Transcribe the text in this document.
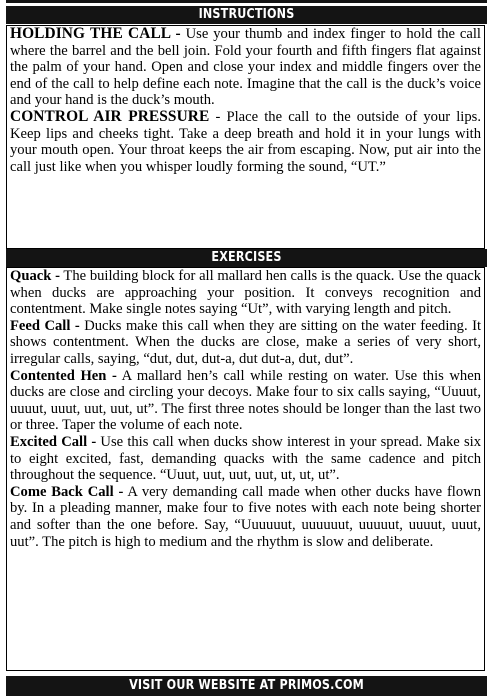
INSTRUCTIONS

HOLDING THE CALL - Use your thumb and index finger to hold the call where the barrel and the bell join. Fold your fourth and fifth fingers flat against the palm of your hand. Open and close your index and middle fingers over the end of the call to help define each note. Imagine that the call is the duck’s voice and your hand is the duck’s mouth.

CONTROL AIR PRESSURE - Place the call to the outside of your lips. Keep lips and cheeks tight. Take a deep breath and hold it in your lungs with your mouth open. Your throat keeps the air from escaping. Now, put air into the call just like when you whisper loudly forming the sound, “UT.”

EXERCISES

Quack - The building block for all mallard hen calls is the quack. Use the quack when ducks are approaching your position. It conveys recognition and contentment. Make single notes saying “Ut”, with varying length and pitch.

Feed Call - Ducks make this call when they are sitting on the water feeding. It shows contentment. When the ducks are close, make a series of very short, irregular calls, saying, “dut, dut, dut-a, dut dut-a, dut, dut”.

Contented Hen - A mallard hen’s call while resting on water. Use this when ducks are close and circling your decoys. Make four to six calls saying, “Uuuut, uuuut, uuut, uut, uut, ut”. The first three notes should be longer than the last two or three. Taper the volume of each note.

Excited Call - Use this call when ducks show interest in your spread. Make six to eight excited, fast, demanding quacks with the same cadence and pitch throughout the sequence. “Uuut, uut, uut, uut, ut, ut, ut”.

Come Back Call - A very demanding call made when other ducks have flown by. In a pleading manner, make four to five notes with each note being shorter and softer than the one before. Say, “Uuuuuut, uuuuuut, uuuuut, uuuut, uuut, uut”. The pitch is high to medium and the rhythm is slow and deliberate.

VISIT OUR WEBSITE AT PRIMOS.COM
